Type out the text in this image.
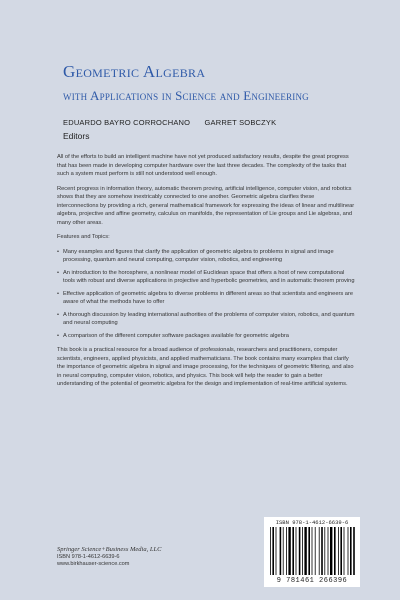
Geometric Algebra
with Applications in Science and Engineering
EDUARDO BAYRO CORROCHANO GARRET SOBCZYK
Editors

All of the efforts to build an intelligent machine have not yet produced satisfactory results, despite the great progress that has been made in developing computer hardware over the last three decades. The complexity of the tasks that such a system must perform is still not understood well enough.

Recent progress in information theory, automatic theorem proving, artificial intelligence, computer vision, and robotics shows that they are somehow inextricably connected to one another. Geometric algebra clarifies these interconnections by providing a rich, general mathematical framework for expressing the ideas of linear and multilinear algebra, projective and affine geometry, calculus on manifolds, the representation of Lie groups and Lie algebras, and many other areas.

Features and Topics:

• Many examples and figures that clarify the application of geometric algebra to problems in signal and image processing, quantum and neural computing, computer vision, robotics, and engineering
• An introduction to the horosphere, a nonlinear model of Euclidean space that offers a host of new computational tools with robust and diverse applications in projective and hyperbolic geometries, and in automatic theorem proving
• Effective application of geometric algebra to diverse problems in different areas so that scientists and engineers are aware of what the methods have to offer
• A thorough discussion by leading international authorities of the problems of computer vision, robotics, and quantum and neural computing
• A comparison of the different computer software packages available for geometric algebra

This book is a practical resource for a broad audience of professionals, researchers and practitioners, computer scientists, engineers, applied physicists, and applied mathematicians. The book contains many examples that clarify the importance of geometric algebra in signal and image processing, for the techniques of geometric filtering, and also in neural computing, computer vision, robotics, and physics. This book will help the reader to gain a better understanding of the potential of geometric algebra for the design and implementation of real-time artificial systems.

Springer Science+Business Media, LLC
ISBN 978-1-4612-6639-6
www.birkhauser-science.com
ISBN 978-1-4612-6639-6
9 781461 266396
